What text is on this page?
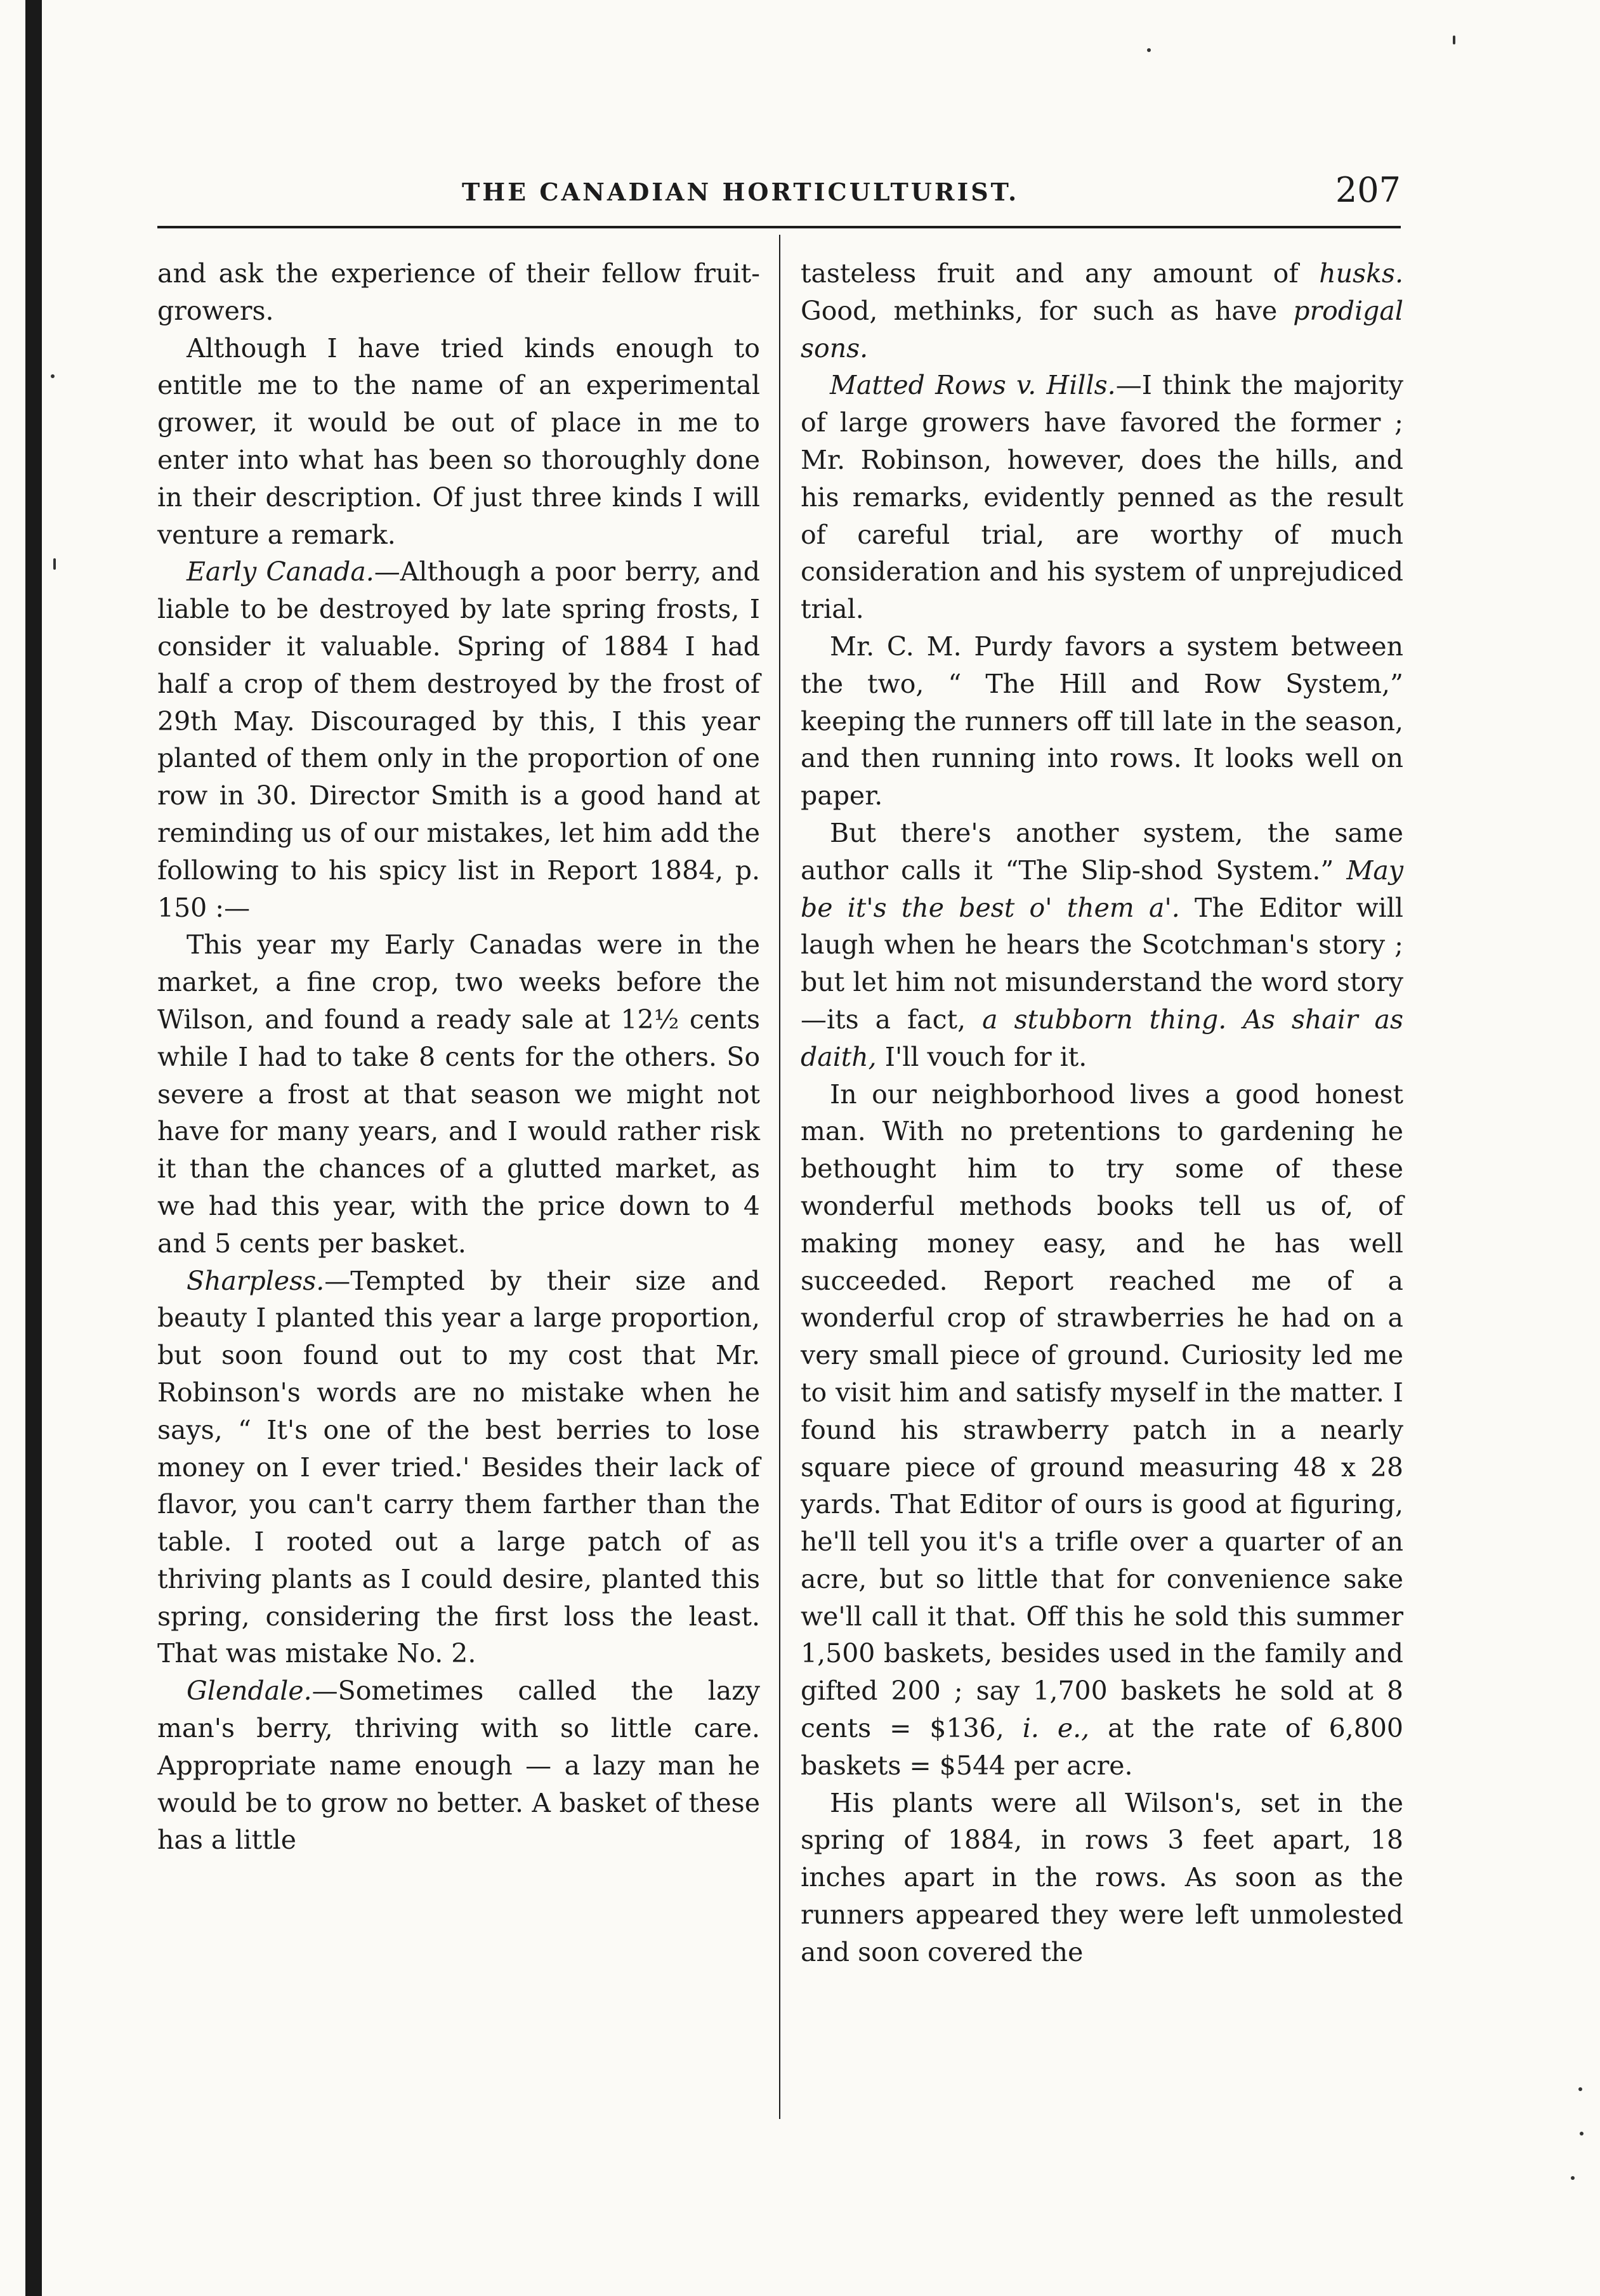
THE CANADIAN HORTICULTURIST.	207

and ask the experience of their fellow fruit-growers.

Although I have tried kinds enough to entitle me to the name of an experimental grower, it would be out of place in me to enter into what has been so thoroughly done in their description. Of just three kinds I will venture a remark.

Early Canada.—Although a poor berry, and liable to be destroyed by late spring frosts, I consider it valuable. Spring of 1884 I had half a crop of them destroyed by the frost of 29th May. Discouraged by this, I this year planted of them only in the proportion of one row in 30. Director Smith is a good hand at reminding us of our mistakes, let him add the following to his spicy list in Report 1884, p. 150 :—

This year my Early Canadas were in the market, a fine crop, two weeks before the Wilson, and found a ready sale at 12½ cents while I had to take 8 cents for the others. So severe a frost at that season we might not have for many years, and I would rather risk it than the chances of a glutted market, as we had this year, with the price down to 4 and 5 cents per basket.

Sharpless.—Tempted by their size and beauty I planted this year a large proportion, but soon found out to my cost that Mr. Robinson's words are no mistake when he says, “ It's one of the best berries to lose money on I ever tried.' Besides their lack of flavor, you can't carry them farther than the table. I rooted out a large patch of as thriving plants as I could desire, planted this spring, considering the first loss the least. That was mistake No. 2.

Glendale.—Sometimes called the lazy man's berry, thriving with so little care. Appropriate name enough — a lazy man he would be to grow no better. A basket of these has a little

tasteless fruit and any amount of husks. Good, methinks, for such as have prodigal sons.

Matted Rows v. Hills.—I think the majority of large growers have favored the former ; Mr. Robinson, however, does the hills, and his remarks, evidently penned as the result of careful trial, are worthy of much consideration and his system of unprejudiced trial.

Mr. C. M. Purdy favors a system between the two, “ The Hill and Row System,” keeping the runners off till late in the season, and then running into rows. It looks well on paper.

But there's another system, the same author calls it “The Slip-shod System.” May be it's the best o' them a'. The Editor will laugh when he hears the Scotchman's story ; but let him not misunderstand the word story—its a fact, a stubborn thing. As shair as daith, I'll vouch for it.

In our neighborhood lives a good honest man. With no pretentions to gardening he bethought him to try some of these wonderful methods books tell us of, of making money easy, and he has well succeeded. Report reached me of a wonderful crop of strawberries he had on a very small piece of ground. Curiosity led me to visit him and satisfy myself in the matter. I found his strawberry patch in a nearly square piece of ground measuring 48 x 28 yards. That Editor of ours is good at figuring, he'll tell you it's a trifle over a quarter of an acre, but so little that for convenience sake we'll call it that. Off this he sold this summer 1,500 baskets, besides used in the family and gifted 200 ; say 1,700 baskets he sold at 8 cents = $136, i. e., at the rate of 6,800 baskets = $544 per acre.

His plants were all Wilson's, set in the spring of 1884, in rows 3 feet apart, 18 inches apart in the rows. As soon as the runners appeared they were left unmolested and soon covered the
